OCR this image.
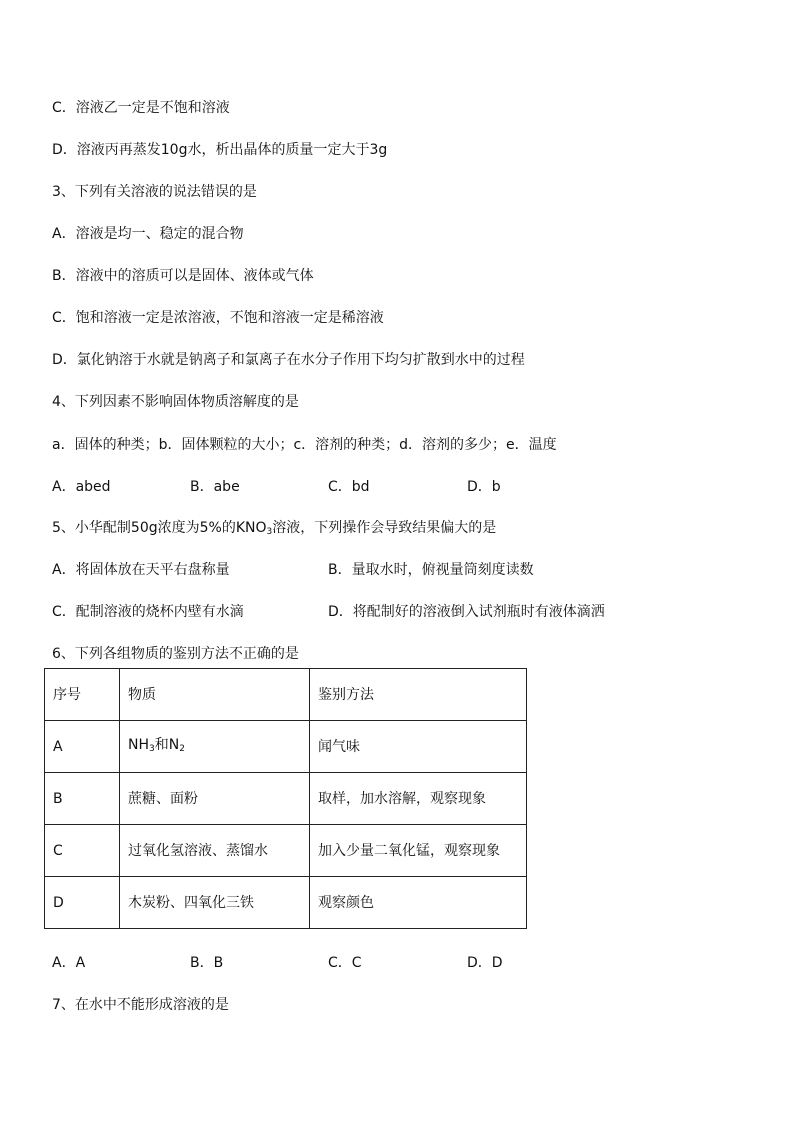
C．溶液乙一定是不饱和溶液
D．溶液丙再蒸发10g水，析出晶体的质量一定大于3g
3、下列有关溶液的说法错误的是
A．溶液是均一、稳定的混合物
B．溶液中的溶质可以是固体、液体或气体
C．饱和溶液一定是浓溶液，不饱和溶液一定是稀溶液
D．氯化钠溶于水就是钠离子和氯离子在水分子作用下均匀扩散到水中的过程
4、下列因素不影响固体物质溶解度的是
a．固体的种类；b．固体颗粒的大小；c．溶剂的种类；d．溶剂的多少；e．温度
A．abed	B．abe	C．bd	D．b
5、小华配制50g浓度为5%的$KNO_3$溶液，下列操作会导致结果偏大的是
A．将固体放在天平右盘称量	B．量取水时，俯视量筒刻度读数
C．配制溶液的烧杯内壁有水滴	D．将配制好的溶液倒入试剂瓶时有液体滴洒
6、下列各组物质的鉴别方法不正确的是
序号	物质	鉴别方法
A	$NH_3$和$N_2$	闻气味
B	蔗糖、面粉	取样，加水溶解，观察现象
C	过氧化氢溶液、蒸馏水	加入少量二氧化锰，观察现象
D	木炭粉、四氧化三铁	观察颜色
A．A	B．B	C．C	D．D
7、在水中不能形成溶液的是
